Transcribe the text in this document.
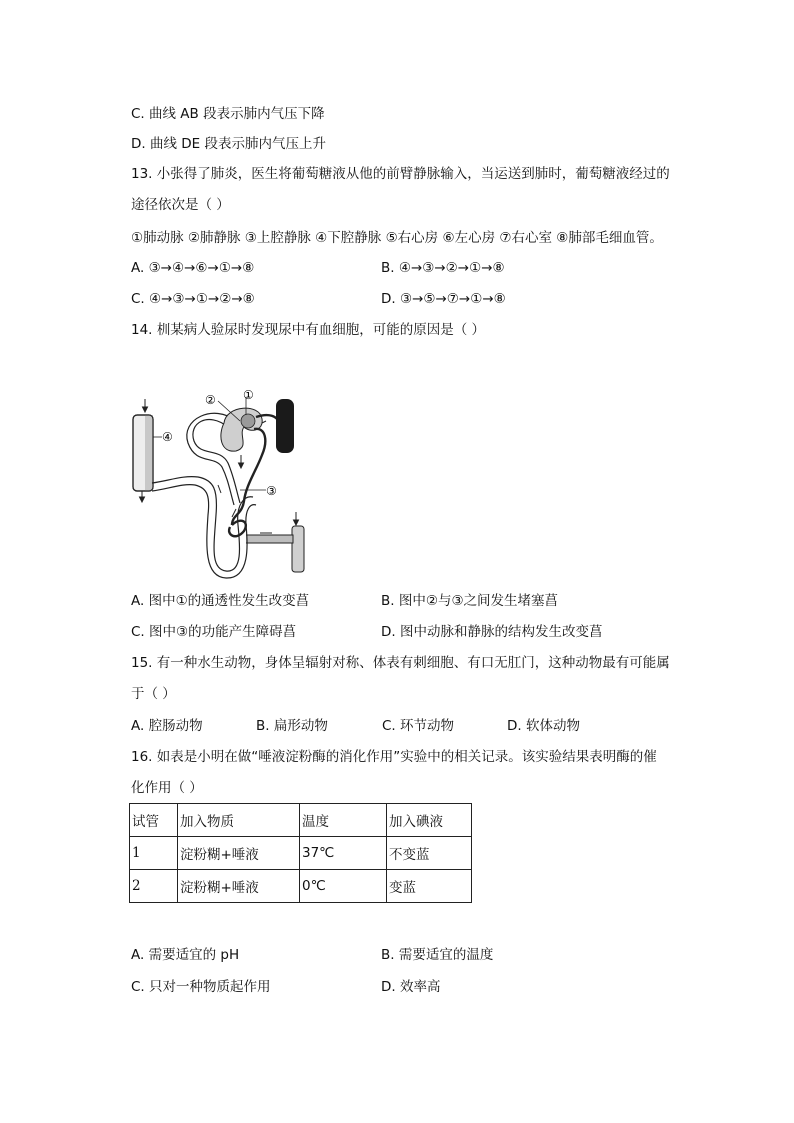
C. 曲线 AB 段表示肺内气压下降
D. 曲线 DE 段表示肺内气压上升
13. 小张得了肺炎，医生将葡萄糖液从他的前臂静脉输入，当运送到肺时，葡萄糖液经过的
途径依次是（ ）
①肺动脉 ②肺静脉 ③上腔静脉 ④下腔静脉 ⑤右心房 ⑥左心房 ⑦右心室 ⑧肺部毛细血管。
A. ③→④→⑥→①→⑧	B. ④→③→②→①→⑧
C. ④→③→①→②→⑧	D. ③→⑤→⑦→①→⑧
14. 杊某病人验尿时发现尿中有血细胞，可能的原因是（ ）
①
②
③
④
A. 图中①的通透性发生改变菖	B. 图中②与③之间发生堵塞菖
C. 图中③的功能产生障碍菖	D. 图中动脉和静脉的结构发生改变菖
15. 有一种水生动物，身体呈辐射对称、体表有刺细胞、有口无肛门，这种动物最有可能属
于（ ）
A. 腔肠动物	B. 扁形动物	C. 环节动物	D. 软体动物
16. 如表是小明在做“唾液淀粉酶的消化作用”实验中的相关记录。该实验结果表明酶的催
化作用（ ）
试管	加入物质	温度	加入碘液
1	淀粉糊+唾液	37℃	不变蓝
2	淀粉糊+唾液	0℃	变蓝
A. 需要适宜的 pH	B. 需要适宜的温度
C. 只对一种物质起作用	D. 效率高
